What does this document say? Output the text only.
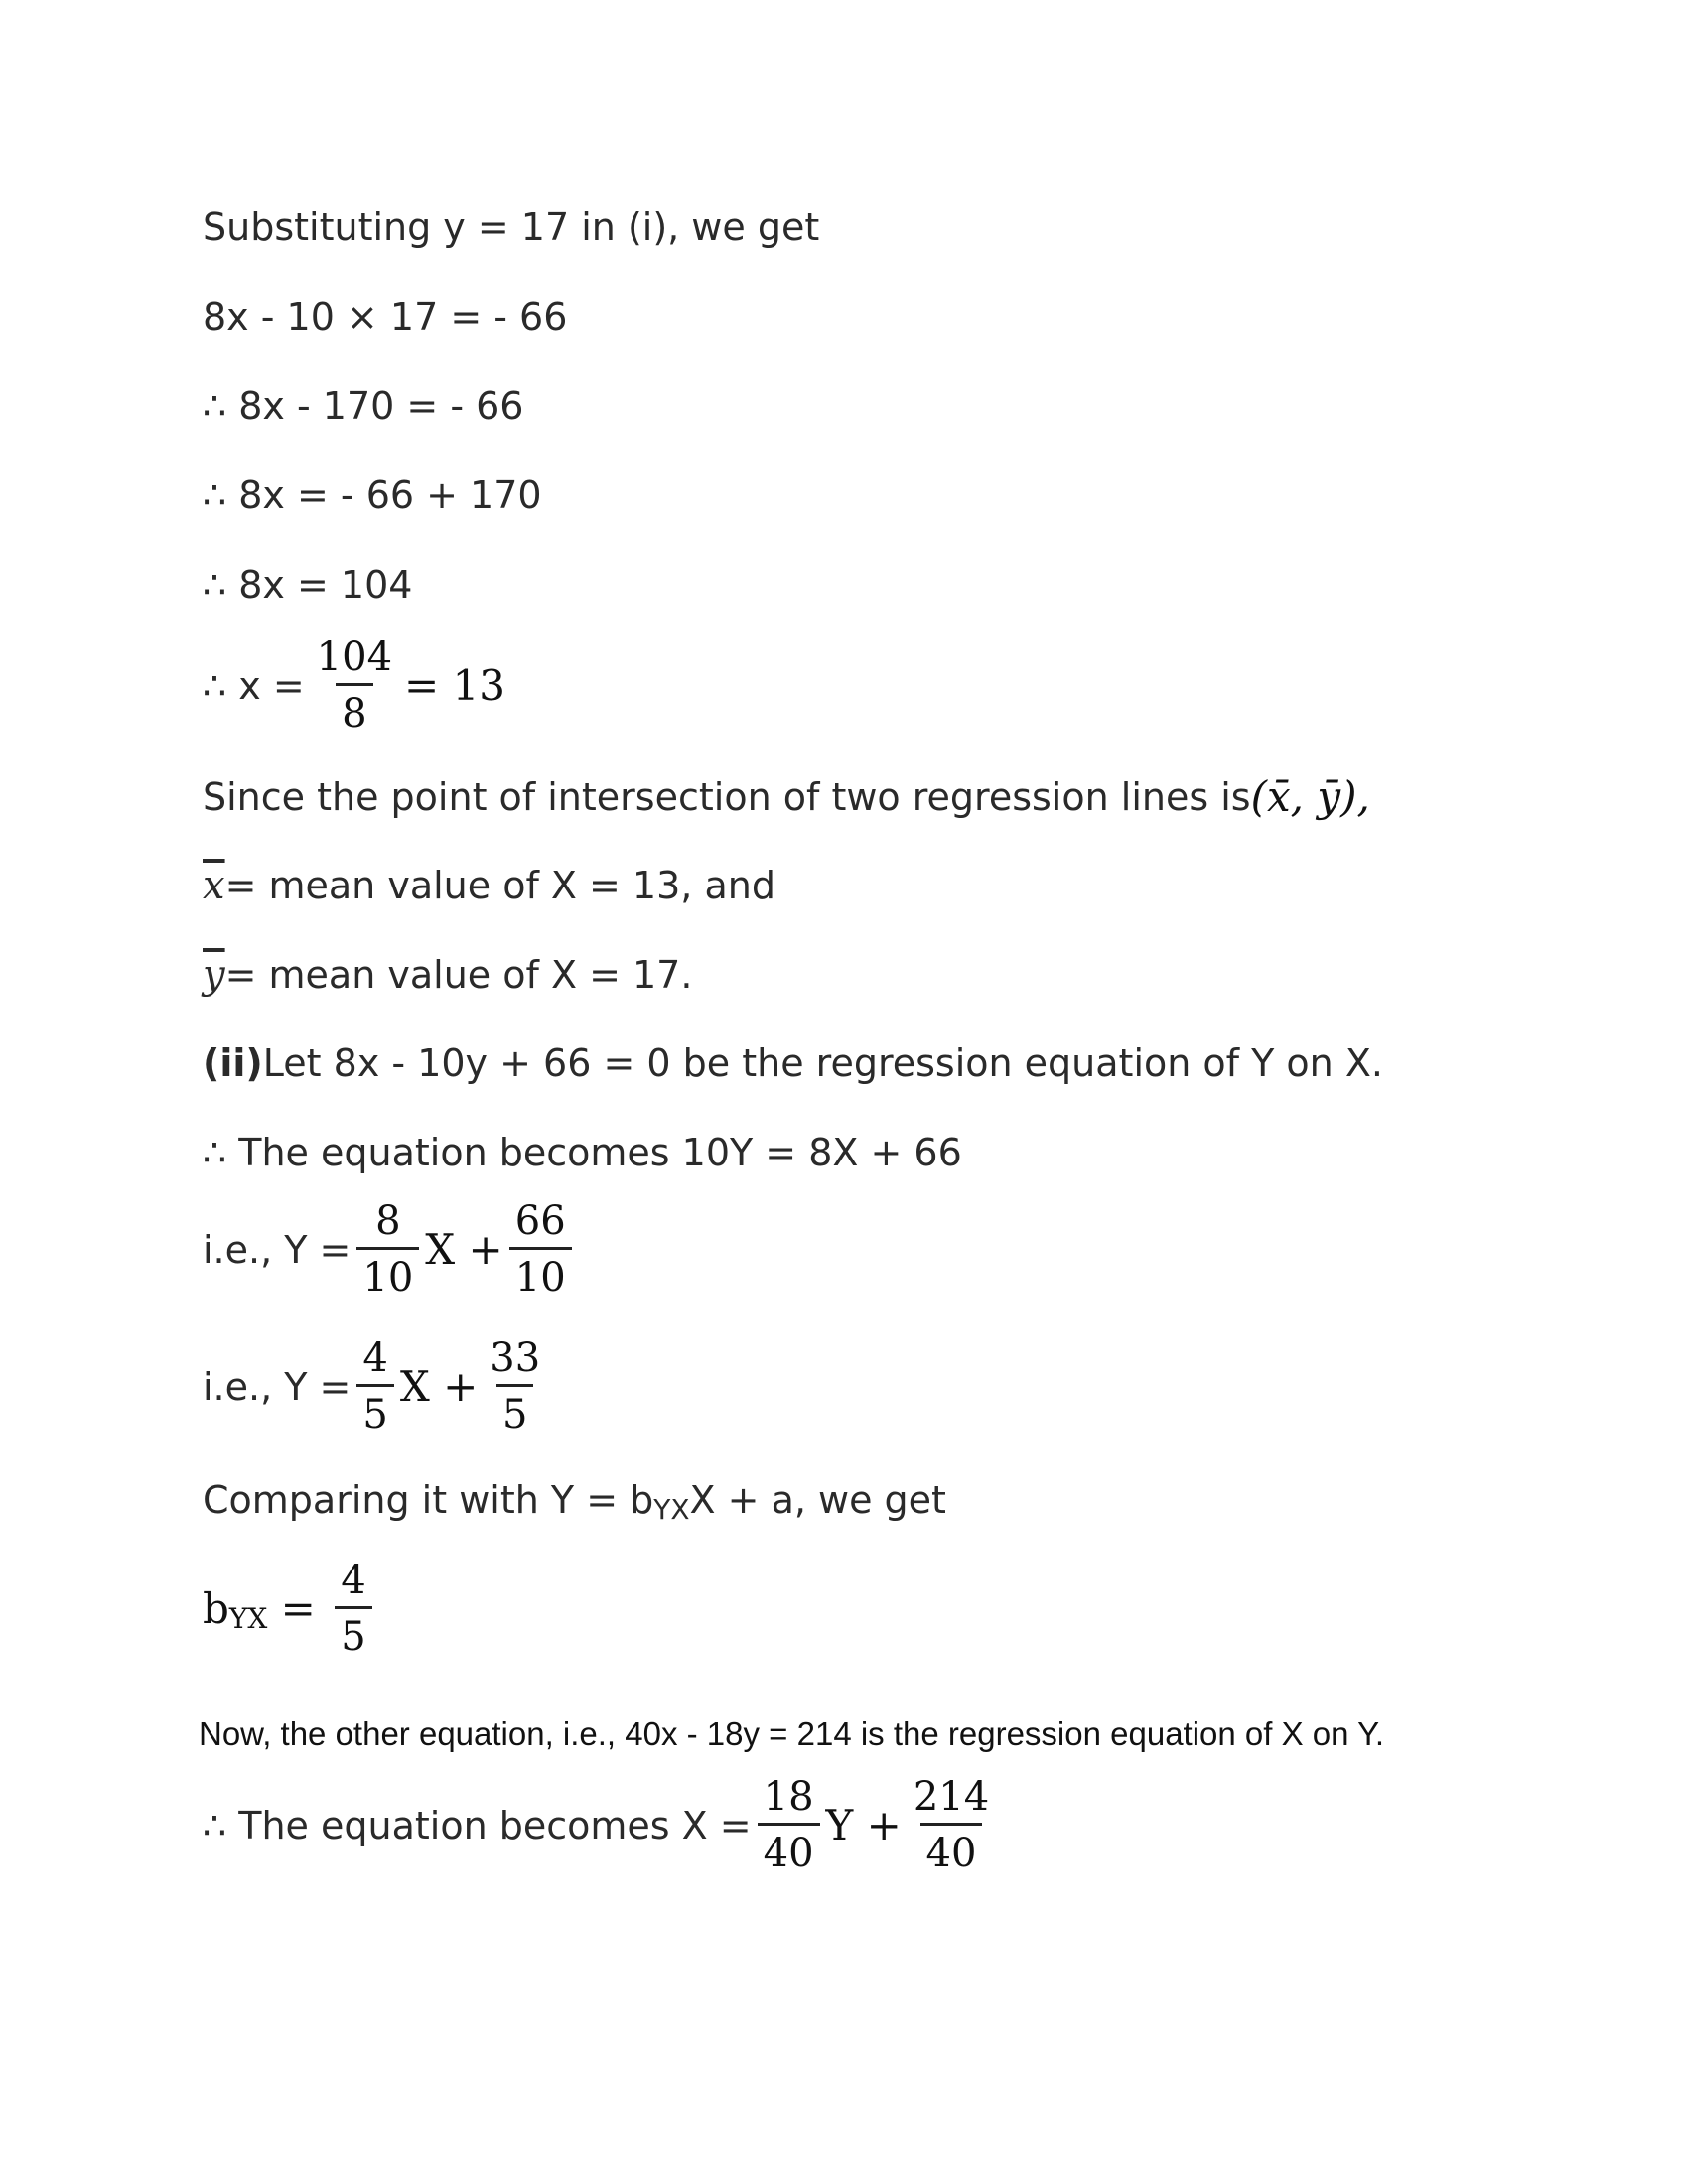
Substituting y = 17 in (i), we get
8x - 10 × 17 = - 66
∴ 8x - 170 = - 66
∴ 8x = - 66 + 170
∴ 8x = 104
∴ $x = \frac{104}{8} = 13$
Since the point of intersection of two regression lines is (x̄, ȳ),
$\overline{x}$ = mean value of X = 13, and
$\overline{y}$ = mean value of X = 17.
(ii) Let 8x - 10y + 66 = 0 be the regression equation of Y on X.
∴ The equation becomes 10Y = 8X + 66
i.e., $Y = \frac{8}{10}$ $X + \frac{66}{10}$
i.e., $Y = \frac{4}{5}$ $X + \frac{33}{5}$
Comparing it with Y = b YX X + a, we get
b YX = $\frac{4}{5}$
Now, the other equation, i.e., 40x - 18y = 214 is the regression equation of X on Y.
∴ The equation becomes $X = \frac{18}{40}$ $Y + \frac{214}{40}$
